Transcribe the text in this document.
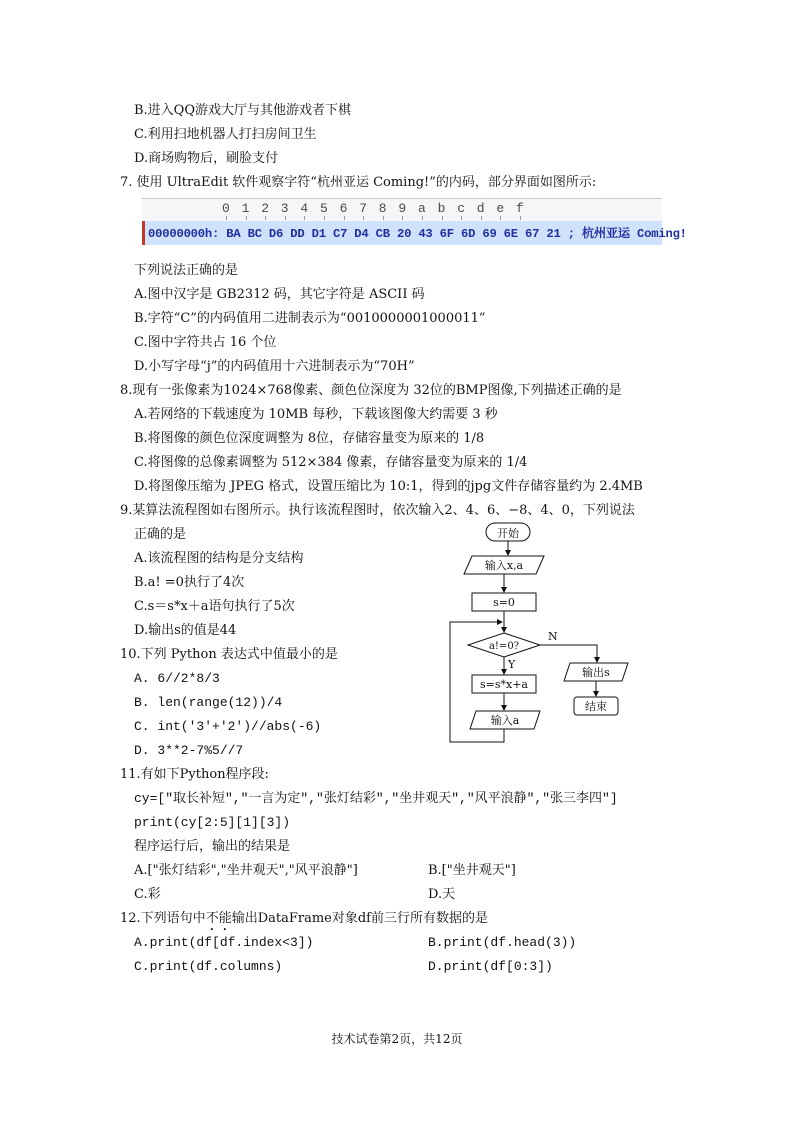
B.进入QQ游戏大厅与其他游戏者下棋
C.利用扫地机器人打扫房间卫生
D.商场购物后，刷脸支付
7. 使用 UltraEdit 软件观察字符“杭州亚运 Coming!”的内码，部分界面如图所示:
0 1 2 3 4 5 6 7 8 9 a b c d e f
00000000h: BA BC D6 DD D1 C7 D4 CB 20 43 6F 6D 69 6E 67 21 ; 杭州亚运 Coming!
下列说法正确的是
A.图中汉字是 GB2312 码，其它字符是 ASCII 码
B.字符“C”的内码值用二进制表示为“0010000001000011”
C.图中字符共占 16 个位
D.小写字母“j”的内码值用十六进制表示为“70H”
8.现有一张像素为1024×768像素、颜色位深度为 32位的BMP图像,下列描述正确的是
A.若网络的下载速度为 10MB 每秒，下载该图像大约需要 3 秒
B.将图像的颜色位深度调整为 8位，存储容量变为原来的 1/8
C.将图像的总像素调整为 512×384 像素，存储容量变为原来的 1/4
D.将图像压缩为 JPEG 格式，设置压缩比为 10:1，得到的jpg文件存储容量约为 2.4MB
9.某算法流程图如右图所示。执行该流程图时，依次输入2、4、6、−8、4、0，下列说法
正确的是
A.该流程图的结构是分支结构
B.a! =0执行了4次
C.s＝s*x＋a语句执行了5次
D.输出s的值是44
开始
输入x,a
s=0
a!=0?
N
Y
s=s*x+a
输入a
输出s
结束
10.下列 Python 表达式中值最小的是
A. 6//2*8/3
B. len(range(12))/4
C. int('3'+'2')//abs(-6)
D. 3**2-7%5//7
11.有如下Python程序段:
cy=["取长补短","一言为定","张灯结彩","坐井观天","风平浪静","张三李四"]
print(cy[2:5][1][3])
程序运行后，输出的结果是
A.["张灯结彩","坐井观天","风平浪静"]	B.["坐井观天"]
C.彩	D.天
12.下列语句中不能输出DataFrame对象df前三行所有数据的是
A.print(df[df.index<3])	B.print(df.head(3))
C.print(df.columns)	D.print(df[0:3])
技术试卷第2页，共12页
